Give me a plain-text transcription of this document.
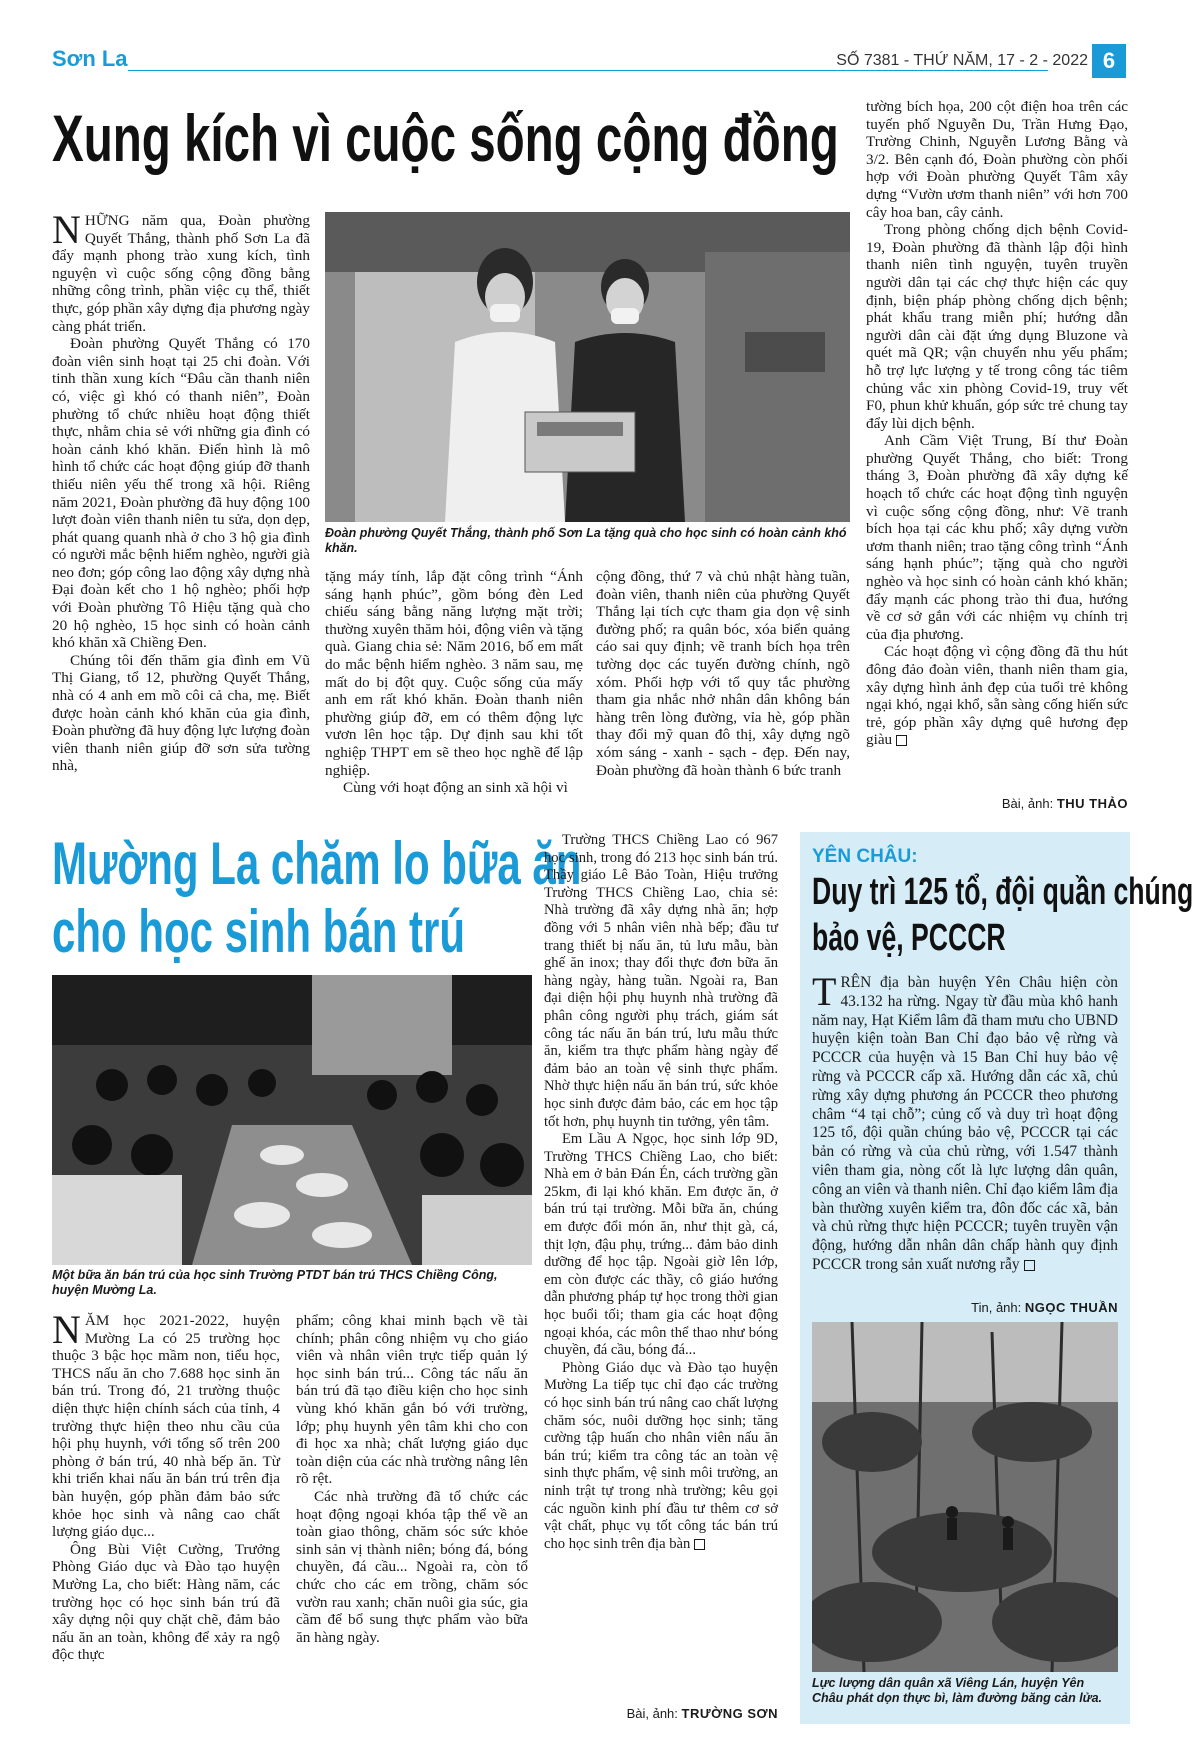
Sơn La	SỐ 7381 - THỨ NĂM, 17 - 2 - 2022 6
Xung kích vì cuộc sống cộng đồng
N HỮNG năm qua, Đoàn phường Quyết Thắng, thành phố Sơn La đã đẩy mạnh phong trào xung kích, tình nguyện vì cuộc sống cộng đồng bằng những công trình, phần việc cụ thể, thiết thực, góp phần xây dựng địa phương ngày càng phát triển.

Đoàn phường Quyết Thắng có 170 đoàn viên sinh hoạt tại 25 chi đoàn. Với tinh thần xung kích “Đâu cần thanh niên có, việc gì khó có thanh niên”, Đoàn phường tổ chức nhiều hoạt động thiết thực, nhằm chia sẻ với những gia đình có hoàn cảnh khó khăn. Điển hình là mô hình tổ chức các hoạt động giúp đỡ thanh thiếu niên yếu thế trong xã hội. Riêng năm 2021, Đoàn phường đã huy động 100 lượt đoàn viên thanh niên tu sửa, dọn dẹp, phát quang quanh nhà ở cho 3 hộ gia đình có người mắc bệnh hiểm nghèo, người già neo đơn; góp công lao động xây dựng nhà Đại đoàn kết cho 1 hộ nghèo; phối hợp với Đoàn phường Tô Hiệu tặng quà cho 20 hộ nghèo, 15 học sinh có hoàn cảnh khó khăn xã Chiềng Đen.

Chúng tôi đến thăm gia đình em Vũ Thị Giang, tổ 12, phường Quyết Thắng, nhà có 4 anh em mồ côi cả cha, mẹ. Biết được hoàn cảnh khó khăn của gia đình, Đoàn phường đã huy động lực lượng đoàn viên thanh niên giúp đỡ sơn sửa tường nhà,

Đoàn phường Quyết Thắng, thành phố Sơn La tặng quà cho học sinh có hoàn cảnh khó khăn.

tặng máy tính, lắp đặt công trình “Ánh sáng hạnh phúc”, gồm bóng đèn Led chiếu sáng bằng năng lượng mặt trời; thường xuyên thăm hỏi, động viên và tặng quà. Giang chia sẻ: Năm 2016, bố em mất do mắc bệnh hiểm nghèo. 3 năm sau, mẹ mất do bị đột quỵ. Cuộc sống của mấy anh em rất khó khăn. Đoàn thanh niên phường giúp đỡ, em có thêm động lực vươn lên học tập. Dự định sau khi tốt nghiệp THPT em sẽ theo học nghề để lập nghiệp.

Cùng với hoạt động an sinh xã hội vì

cộng đồng, thứ 7 và chủ nhật hàng tuần, đoàn viên, thanh niên của phường Quyết Thắng lại tích cực tham gia dọn vệ sinh đường phố; ra quân bóc, xóa biển quảng cáo sai quy định; vẽ tranh bích họa trên tường dọc các tuyến đường chính, ngõ xóm. Phối hợp với tổ quy tắc phường tham gia nhắc nhở nhân dân không bán hàng trên lòng đường, vỉa hè, góp phần thay đổi mỹ quan đô thị, xây dựng ngõ xóm sáng - xanh - sạch - đẹp. Đến nay, Đoàn phường đã hoàn thành 6 bức tranh

tường bích họa, 200 cột điện hoa trên các tuyến phố Nguyễn Du, Trần Hưng Đạo, Trường Chinh, Nguyễn Lương Bằng và 3/2. Bên cạnh đó, Đoàn phường còn phối hợp với Đoàn phường Quyết Tâm xây dựng “Vườn ươm thanh niên” với hơn 700 cây hoa ban, cây cảnh.

Trong phòng chống dịch bệnh Covid-19, Đoàn phường đã thành lập đội hình thanh niên tình nguyện, tuyên truyền người dân tại các chợ thực hiện các quy định, biện pháp phòng chống dịch bệnh; phát khẩu trang miễn phí; hướng dẫn người dân cài đặt ứng dụng Bluzone và quét mã QR; vận chuyển nhu yếu phẩm; hỗ trợ lực lượng y tế trong công tác tiêm chủng vắc xin phòng Covid-19, truy vết F0, phun khử khuẩn, góp sức trẻ chung tay đẩy lùi dịch bệnh.

Anh Cầm Việt Trung, Bí thư Đoàn phường Quyết Thắng, cho biết: Trong tháng 3, Đoàn phường đã xây dựng kế hoạch tổ chức các hoạt động tình nguyện vì cuộc sống cộng đồng, như: Vẽ tranh bích họa tại các khu phố; xây dựng vườn ươm thanh niên; trao tặng công trình “Ánh sáng hạnh phúc”; tặng quà cho người nghèo và học sinh có hoàn cảnh khó khăn; đẩy mạnh các phong trào thi đua, hướng về cơ sở gắn với các nhiệm vụ chính trị của địa phương.

Các hoạt động vì cộng đồng đã thu hút đông đảo đoàn viên, thanh niên tham gia, xây dựng hình ảnh đẹp của tuổi trẻ không ngại khó, ngại khổ, sẵn sàng cống hiến sức trẻ, góp phần xây dựng quê hương đẹp giàu

Bài, ảnh: THU THẢO
Mường La chăm lo bữa ăn
cho học sinh bán trú
Một bữa ăn bán trú của học sinh Trường PTDT bán trú THCS Chiềng Công, huyện Mường La.
N ĂM học 2021-2022, huyện Mường La có 25 trường học thuộc 3 bậc học mầm non, tiểu học, THCS nấu ăn cho 7.688 học sinh ăn bán trú. Trong đó, 21 trường thuộc diện thực hiện chính sách của tỉnh, 4 trường thực hiện theo nhu cầu của hội phụ huynh, với tổng số trên 200 phòng ở bán trú, 40 nhà bếp ăn. Từ khi triển khai nấu ăn bán trú trên địa bàn huyện, góp phần đảm bảo sức khỏe học sinh và nâng cao chất lượng giáo dục...

Ông Bùi Việt Cường, Trưởng Phòng Giáo dục và Đào tạo huyện Mường La, cho biết: Hàng năm, các trường học có học sinh bán trú đã xây dựng nội quy chặt chẽ, đảm bảo nấu ăn an toàn, không để xảy ra ngộ độc thực

phẩm; công khai minh bạch về tài chính; phân công nhiệm vụ cho giáo viên và nhân viên trực tiếp quản lý học sinh bán trú... Công tác nấu ăn bán trú đã tạo điều kiện cho học sinh vùng khó khăn gắn bó với trường, lớp; phụ huynh yên tâm khi cho con đi học xa nhà; chất lượng giáo dục toàn diện của các nhà trường nâng lên rõ rệt.

Các nhà trường đã tổ chức các hoạt động ngoại khóa tập thể về an toàn giao thông, chăm sóc sức khỏe sinh sản vị thành niên; bóng đá, bóng chuyền, đá cầu... Ngoài ra, còn tổ chức cho các em trồng, chăm sóc vườn rau xanh; chăn nuôi gia súc, gia cầm để bổ sung thực phẩm vào bữa ăn hàng ngày.

Trường THCS Chiềng Lao có 967 học sinh, trong đó 213 học sinh bán trú. Thầy giáo Lê Bảo Toàn, Hiệu trưởng Trường THCS Chiềng Lao, chia sẻ: Nhà trường đã xây dựng nhà ăn; hợp đồng với 5 nhân viên nhà bếp; đầu tư trang thiết bị nấu ăn, tủ lưu mẫu, bàn ghế ăn inox; thay đổi thực đơn bữa ăn hàng ngày, hàng tuần. Ngoài ra, Ban đại diện hội phụ huynh nhà trường đã phân công người phụ trách, giám sát công tác nấu ăn bán trú, lưu mẫu thức ăn, kiểm tra thực phẩm hàng ngày để đảm bảo an toàn vệ sinh thực phẩm. Nhờ thực hiện nấu ăn bán trú, sức khỏe học sinh được đảm bảo, các em học tập tốt hơn, phụ huynh tin tưởng, yên tâm.

Em Lầu A Ngọc, học sinh lớp 9D, Trường THCS Chiềng Lao, cho biết: Nhà em ở bản Đán Én, cách trường gần 25km, đi lại khó khăn. Em được ăn, ở bán trú tại trường. Mỗi bữa ăn, chúng em được đổi món ăn, như thịt gà, cá, thịt lợn, đậu phụ, trứng... đảm bảo dinh dưỡng để học tập. Ngoài giờ lên lớp, em còn được các thầy, cô giáo hướng dẫn phương pháp tự học trong thời gian học buổi tối; tham gia các hoạt động ngoại khóa, các môn thể thao như bóng chuyền, đá cầu, bóng đá...

Phòng Giáo dục và Đào tạo huyện Mường La tiếp tục chỉ đạo các trường có học sinh bán trú nâng cao chất lượng chăm sóc, nuôi dưỡng học sinh; tăng cường tập huấn cho nhân viên nấu ăn bán trú; kiểm tra công tác an toàn vệ sinh thực phẩm, vệ sinh môi trường, an ninh trật tự trong nhà trường; kêu gọi các nguồn kinh phí đầu tư thêm cơ sở vật chất, phục vụ tốt công tác bán trú cho học sinh trên địa bàn

Bài, ảnh: TRƯỜNG SƠN
YÊN CHÂU:
Duy trì 125 tổ, đội quần chúng
bảo vệ, PCCCR
T RÊN địa bàn huyện Yên Châu hiện còn 43.132 ha rừng. Ngay từ đầu mùa khô hanh năm nay, Hạt Kiểm lâm đã tham mưu cho UBND huyện kiện toàn Ban Chỉ đạo bảo vệ rừng và PCCCR của huyện và 15 Ban Chỉ huy bảo vệ rừng và PCCCR cấp xã. Hướng dẫn các xã, chủ rừng xây dựng phương án PCCCR theo phương châm “4 tại chỗ”; củng cố và duy trì hoạt động 125 tổ, đội quần chúng bảo vệ, PCCCR tại các bản có rừng và của chủ rừng, với 1.547 thành viên tham gia, nòng cốt là lực lượng dân quân, công an viên và thanh niên. Chỉ đạo kiểm lâm địa bàn thường xuyên kiểm tra, đôn đốc các xã, bản và chủ rừng thực hiện PCCCR; tuyên truyền vận động, hướng dẫn nhân dân chấp hành quy định PCCCR trong sản xuất nương rẫy

Tin, ảnh: NGỌC THUẦN
Lực lượng dân quân xã Viêng Lán, huyện Yên Châu phát dọn thực bì, làm đường băng cản lửa.
